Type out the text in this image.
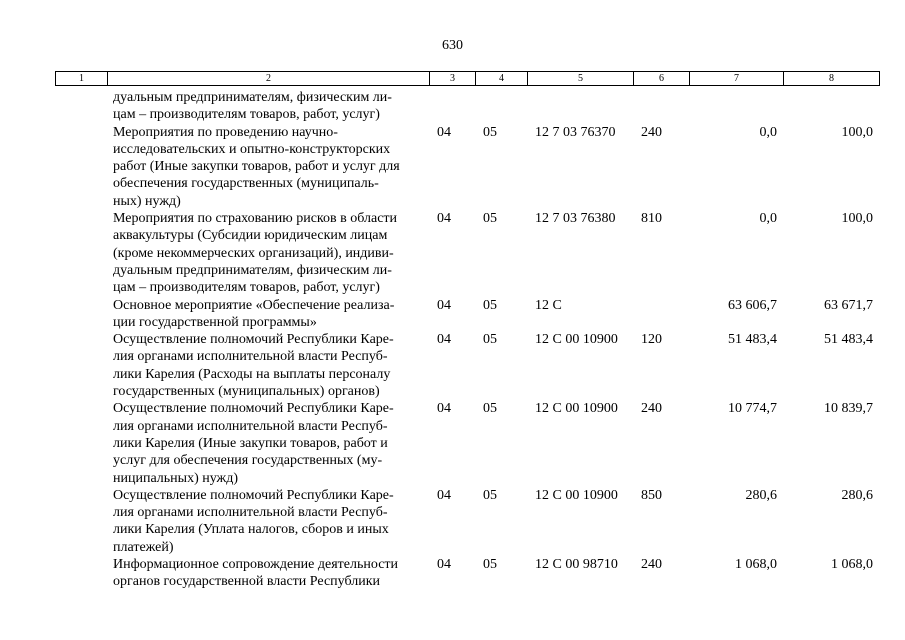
630
1	2	3	4	5	6	7	8
дуальным предпринимателям, физическим ли-
цам – производителям товаров, работ, услуг)						

Мероприятия по проведению научно-
исследовательских и опытно-конструкторских
работ (Иные закупки товаров, работ и услуг для
обеспечения государственных (муниципаль-
ных) нужд)	04	05	12 7 03 76370	240	0,0	100,0

Мероприятия по страхованию рисков в области
аквакультуры (Субсидии юридическим лицам
(кроме некоммерческих организаций), индиви-
дуальным предпринимателям, физическим ли-
цам – производителям товаров, работ, услуг)	04	05	12 7 03 76380	810	0,0	100,0

Основное мероприятие «Обеспечение реализа-
ции государственной программы»	04	05	12 С		63 606,7	63 671,7

Осуществление полномочий Республики Каре-
лия органами исполнительной власти Респуб-
лики Карелия (Расходы на выплаты персоналу
государственных (муниципальных) органов)	04	05	12 С 00 10900	120	51 483,4	51 483,4

Осуществление полномочий Республики Каре-
лия органами исполнительной власти Респуб-
лики Карелия (Иные закупки товаров, работ и
услуг для обеспечения государственных (му-
ниципальных) нужд)	04	05	12 С 00 10900	240	10 774,7	10 839,7

Осуществление полномочий Республики Каре-
лия органами исполнительной власти Респуб-
лики Карелия (Уплата налогов, сборов и иных
платежей)	04	05	12 С 00 10900	850	280,6	280,6

Информационное сопровождение деятельности
органов государственной власти Республики	04	05	12 С 00 98710	240	1 068,0	1 068,0
